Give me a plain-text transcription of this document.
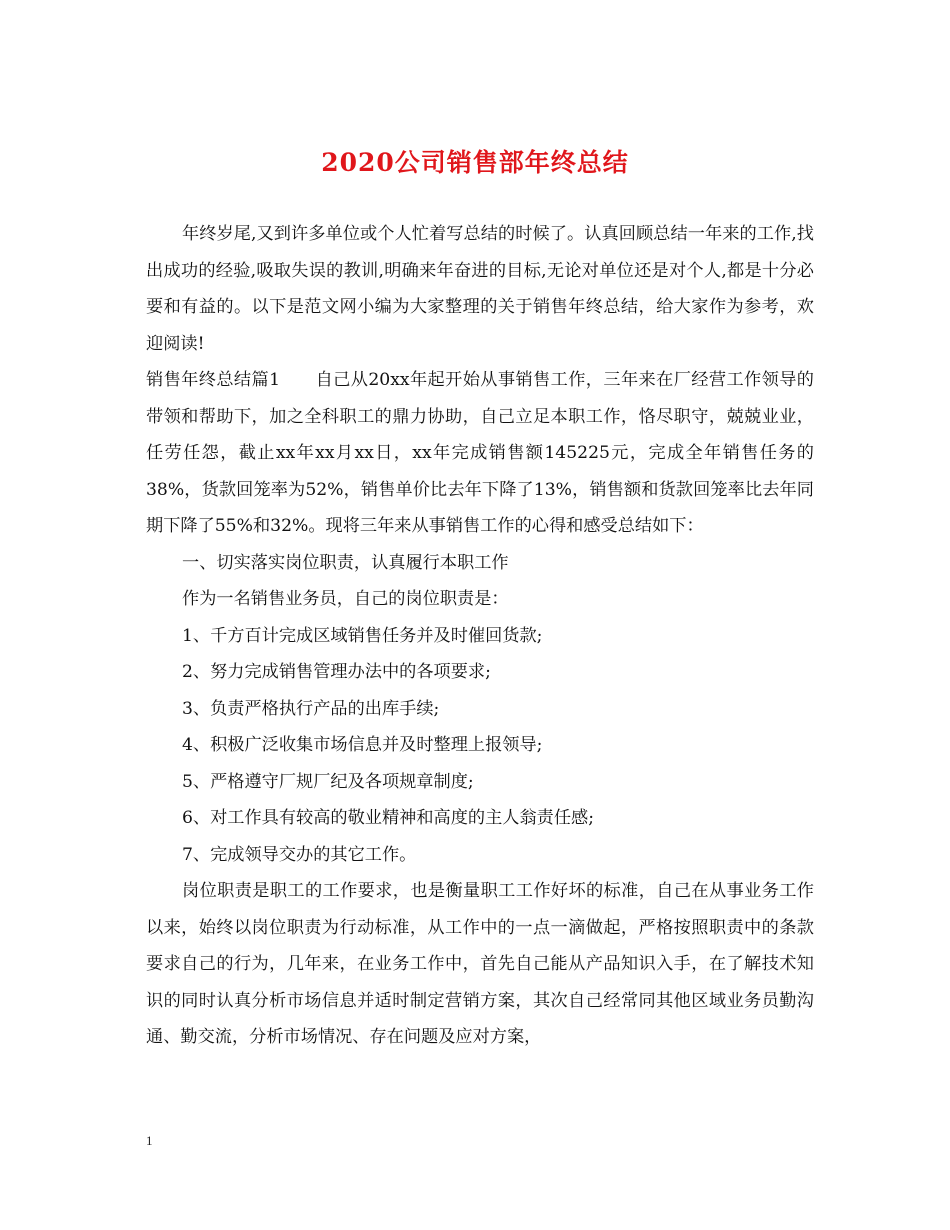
2020公司销售部年终总结

年终岁尾,又到许多单位或个人忙着写总结的时候了。认真回顾总结一年来的工作,找出成功的经验,吸取失误的教训,明确来年奋进的目标,无论对单位还是对个人,都是十分必要和有益的。以下是范文网小编为大家整理的关于销售年终总结，给大家作为参考，欢迎阅读!

销售年终总结篇1　　自己从20xx年起开始从事销售工作，三年来在厂经营工作领导的带领和帮助下，加之全科职工的鼎力协助，自己立足本职工作，恪尽职守，兢兢业业，任劳任怨，截止xx年xx月xx日，xx年完成销售额145225元，完成全年销售任务的38%，货款回笼率为52%，销售单价比去年下降了13%，销售额和货款回笼率比去年同期下降了55%和32%。现将三年来从事销售工作的心得和感受总结如下：

一、切实落实岗位职责，认真履行本职工作

作为一名销售业务员，自己的岗位职责是：

1、千方百计完成区域销售任务并及时催回货款;

2、努力完成销售管理办法中的各项要求;

3、负责严格执行产品的出库手续;

4、积极广泛收集市场信息并及时整理上报领导;

5、严格遵守厂规厂纪及各项规章制度;

6、对工作具有较高的敬业精神和高度的主人翁责任感;

7、完成领导交办的其它工作。

岗位职责是职工的工作要求，也是衡量职工工作好坏的标准，自己在从事业务工作以来，始终以岗位职责为行动标准，从工作中的一点一滴做起，严格按照职责中的条款要求自己的行为，几年来，在业务工作中，首先自己能从产品知识入手，在了解技术知识的同时认真分析市场信息并适时制定营销方案，其次自己经常同其他区域业务员勤沟通、勤交流，分析市场情况、存在问题及应对方案，

1
